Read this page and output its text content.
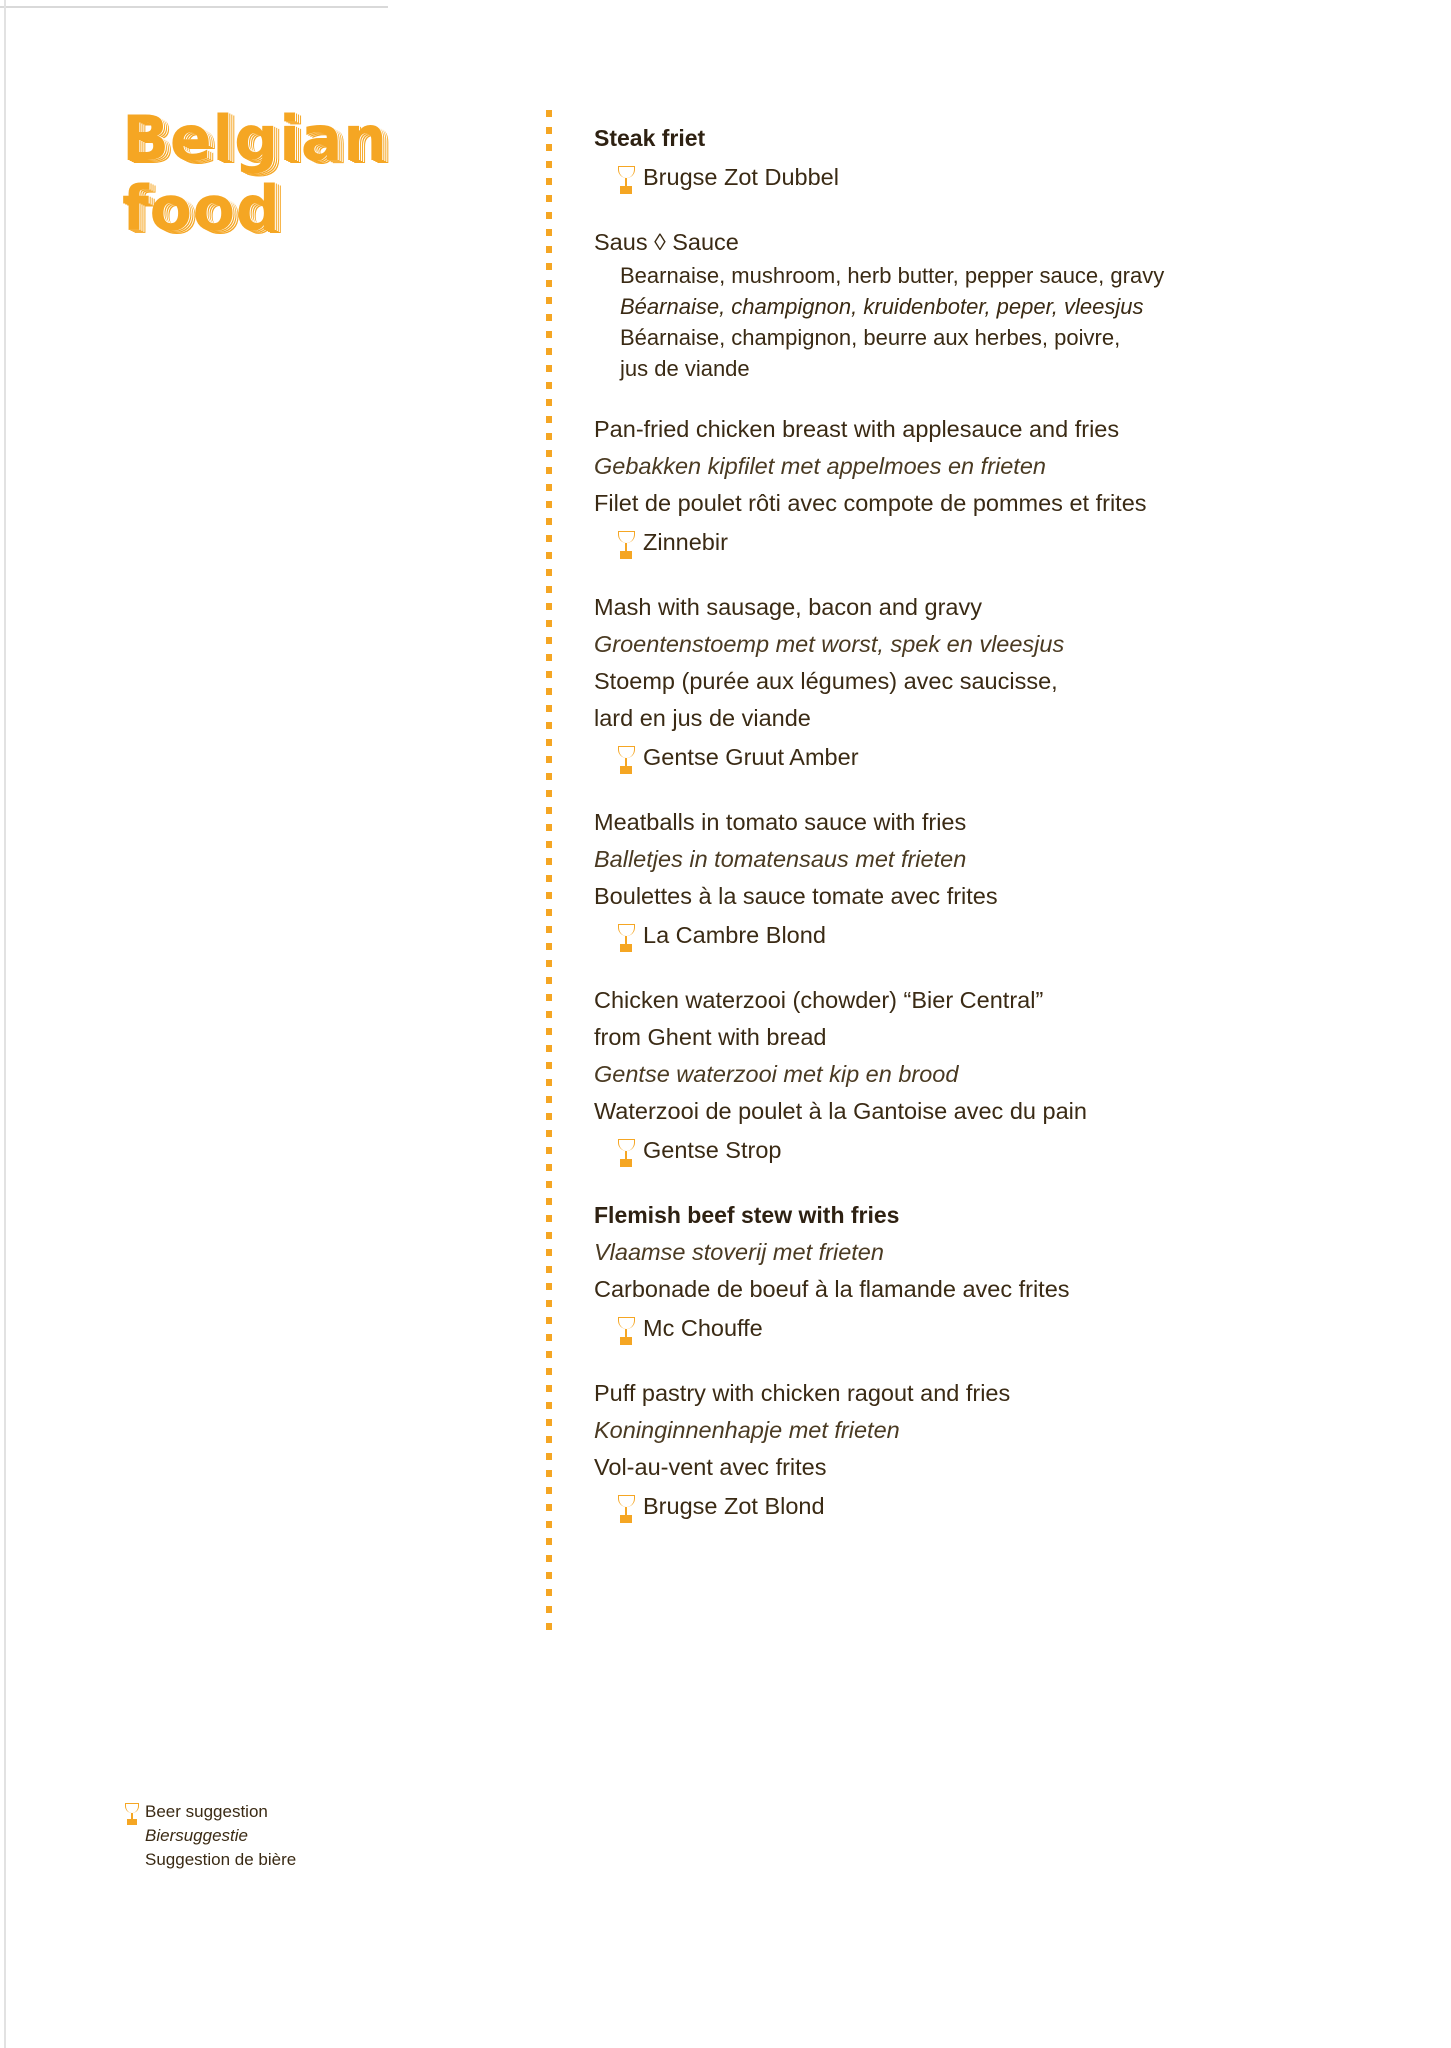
Belgian
food
Steak friet
Brugse Zot Dubbel
Saus ◊ Sauce
Bearnaise, mushroom, herb butter, pepper sauce, gravy
Béarnaise, champignon, kruidenboter, peper, vleesjus
Béarnaise, champignon, beurre aux herbes, poivre,
jus de viande
Pan-fried chicken breast with applesauce and fries
Gebakken kipfilet met appelmoes en frieten
Filet de poulet rôti avec compote de pommes et frites
Zinnebir
Mash with sausage, bacon and gravy
Groentenstoemp met worst, spek en vleesjus
Stoemp (purée aux légumes) avec saucisse,
lard en jus de viande
Gentse Gruut Amber
Meatballs in tomato sauce with fries
Balletjes in tomatensaus met frieten
Boulettes à la sauce tomate avec frites
La Cambre Blond
Chicken waterzooi (chowder) “Bier Central”
from Ghent with bread
Gentse waterzooi met kip en brood
Waterzooi de poulet à la Gantoise avec du pain
Gentse Strop
Flemish beef stew with fries
Vlaamse stoverij met frieten
Carbonade de boeuf à la flamande avec frites
Mc Chouffe
Puff pastry with chicken ragout and fries
Koninginnenhapje met frieten
Vol-au-vent avec frites
Brugse Zot Blond
Beer suggestion
Biersuggestie
Suggestion de bière
